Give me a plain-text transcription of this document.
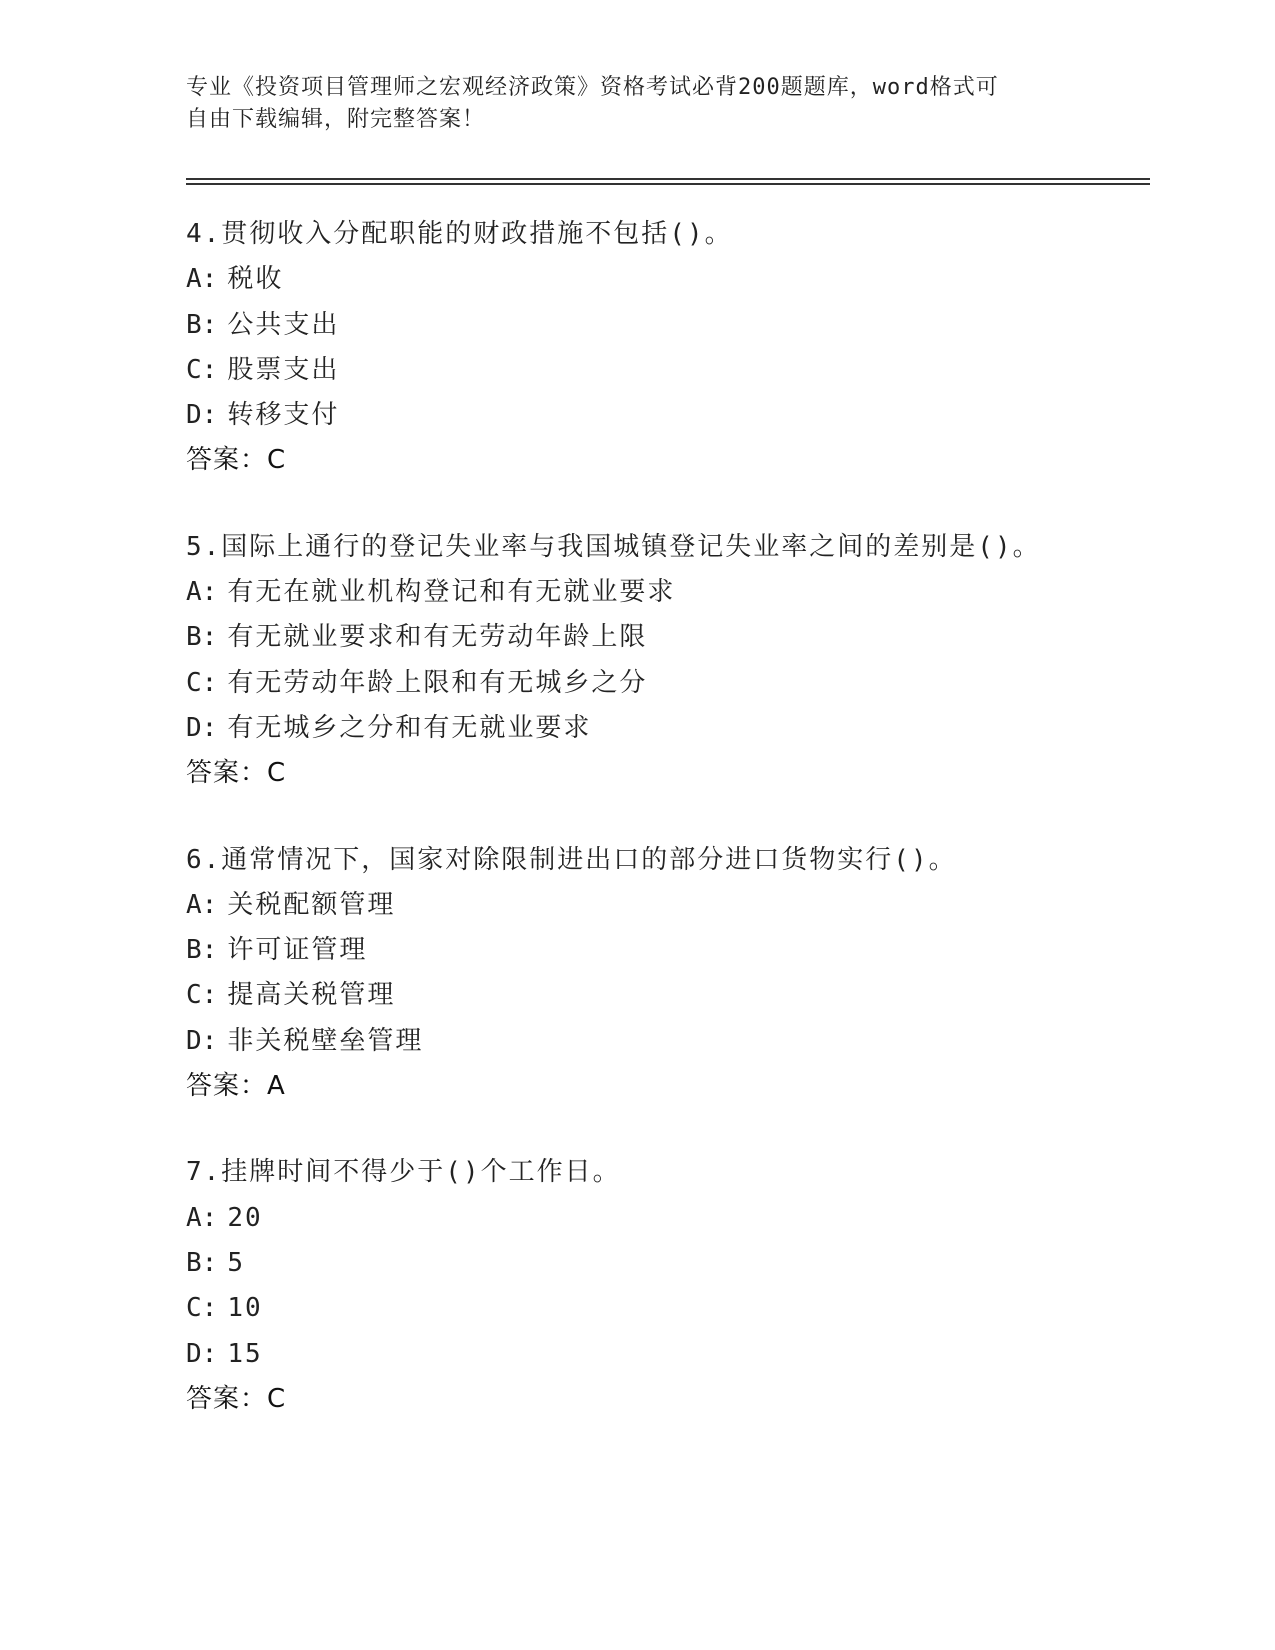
专业《投资项目管理师之宏观经济政策》资格考试必背200题题库，word格式可
自由下载编辑，附完整答案！
4.贯彻收入分配职能的财政措施不包括()。
A: 税收
B: 公共支出
C: 股票支出
D: 转移支付
答案：C
5.国际上通行的登记失业率与我国城镇登记失业率之间的差别是()。
A: 有无在就业机构登记和有无就业要求
B: 有无就业要求和有无劳动年龄上限
C: 有无劳动年龄上限和有无城乡之分
D: 有无城乡之分和有无就业要求
答案：C
6.通常情况下，国家对除限制进出口的部分进口货物实行()。
A: 关税配额管理
B: 许可证管理
C: 提高关税管理
D: 非关税壁垒管理
答案：A
7.挂牌时间不得少于()个工作日。
A: 20
B: 5
C: 10
D: 15
答案：C
